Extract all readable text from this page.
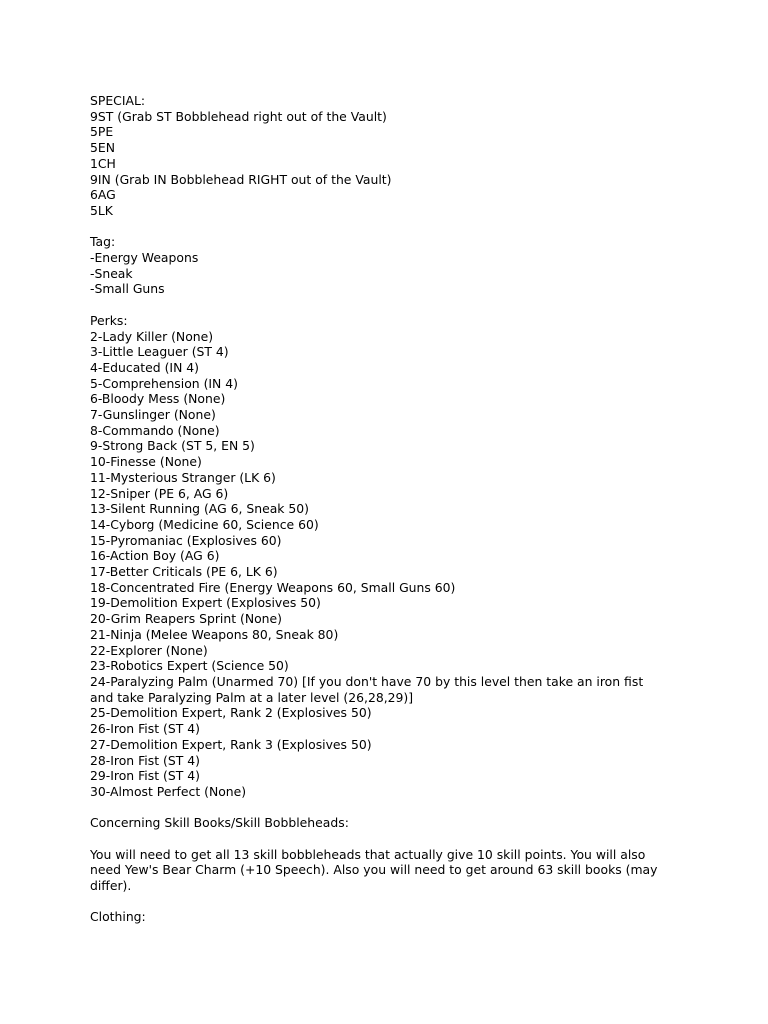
SPECIAL:
9ST (Grab ST Bobblehead right out of the Vault)
5PE
5EN
1CH
9IN (Grab IN Bobblehead RIGHT out of the Vault)
6AG
5LK
Tag:
-Energy Weapons
-Sneak
-Small Guns
Perks:
2-Lady Killer (None)
3-Little Leaguer (ST 4)
4-Educated (IN 4)
5-Comprehension (IN 4)
6-Bloody Mess (None)
7-Gunslinger (None)
8-Commando (None)
9-Strong Back (ST 5, EN 5)
10-Finesse (None)
11-Mysterious Stranger (LK 6)
12-Sniper (PE 6, AG 6)
13-Silent Running (AG 6, Sneak 50)
14-Cyborg (Medicine 60, Science 60)
15-Pyromaniac (Explosives 60)
16-Action Boy (AG 6)
17-Better Criticals (PE 6, LK 6)
18-Concentrated Fire (Energy Weapons 60, Small Guns 60)
19-Demolition Expert (Explosives 50)
20-Grim Reapers Sprint (None)
21-Ninja (Melee Weapons 80, Sneak 80)
22-Explorer (None)
23-Robotics Expert (Science 50)
24-Paralyzing Palm (Unarmed 70) [If you don't have 70 by this level then take an iron fist
and take Paralyzing Palm at a later level (26,28,29)]
25-Demolition Expert, Rank 2 (Explosives 50)
26-Iron Fist (ST 4)
27-Demolition Expert, Rank 3 (Explosives 50)
28-Iron Fist (ST 4)
29-Iron Fist (ST 4)
30-Almost Perfect (None)
Concerning Skill Books/Skill Bobbleheads:
You will need to get all 13 skill bobbleheads that actually give 10 skill points. You will also need Yew's Bear Charm (+10 Speech). Also you will need to get around 63 skill books (may differ).
Clothing:
